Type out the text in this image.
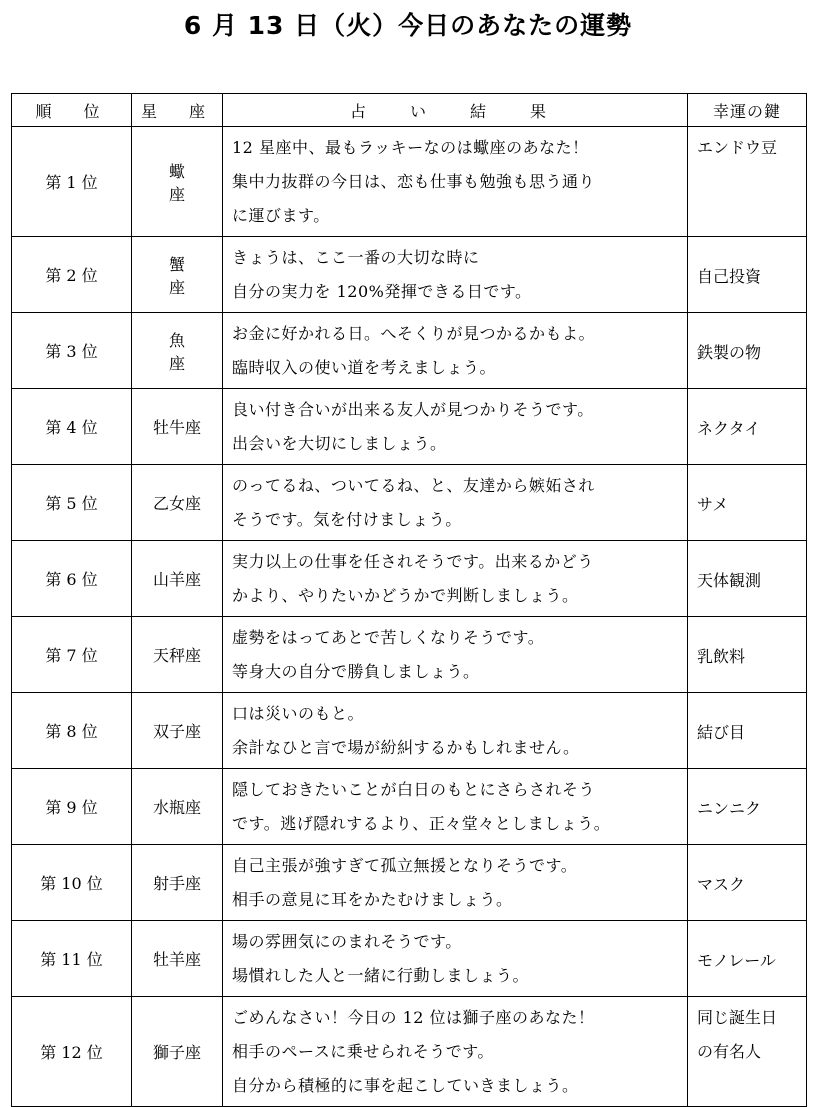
6 月 13 日（火）今日のあなたの運勢
順　位	星　座	占　い　結　果	幸運の鍵
第 1 位	蠍　座	12 星座中、最もラッキーなのは蠍座のあなた！
集中力抜群の今日は、恋も仕事も勉強も思う通り
に運びます。	エンドウ豆

第 2 位	蟹　座	きょうは、ここ一番の大切な時に
自分の実力を 120%発揮できる日です。	自己投資

第 3 位	魚　座	お金に好かれる日。へそくりが見つかるかもよ。
臨時収入の使い道を考えましょう。	鉄製の物

第 4 位	牡牛座	良い付き合いが出来る友人が見つかりそうです。
出会いを大切にしましょう。	ネクタイ

第 5 位	乙女座	のってるね、ついてるね、と、友達から嫉妬され
そうです。気を付けましょう。	サメ

第 6 位	山羊座	実力以上の仕事を任されそうです。出来るかどう
かより、やりたいかどうかで判断しましょう。	天体観測

第 7 位	天秤座	虚勢をはってあとで苦しくなりそうです。
等身大の自分で勝負しましょう。	乳飲料

第 8 位	双子座	口は災いのもと。
余計なひと言で場が紛糾するかもしれません。	結び目

第 9 位	水瓶座	隠しておきたいことが白日のもとにさらされそう
です。逃げ隠れするより、正々堂々としましょう。	ニンニク

第 10 位	射手座	自己主張が強すぎて孤立無援となりそうです。
相手の意見に耳をかたむけましょう。	マスク

第 11 位	牡羊座	場の雰囲気にのまれそうです。
場慣れした人と一緒に行動しましょう。	モノレール

第 12 位	獅子座	ごめんなさい！今日の 12 位は獅子座のあなた！
相手のペースに乗せられそうです。
自分から積極的に事を起こしていきましょう。	同じ誕生日
の有名人
